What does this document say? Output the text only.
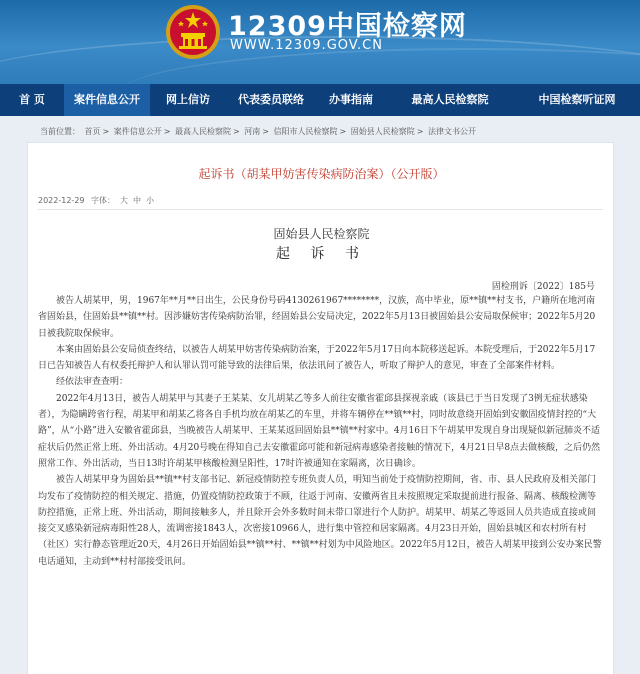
12309中国检察网
WWW.12309.GOV.CN
首 页	案件信息公开	网上信访	代表委员联络	办事指南	最高人民检察院	中国检察听证网
当前位置： 首页 > 案件信息公开 > 最高人民检察院 > 河南 > 信阳市人民检察院 > 固始县人民检察院 > 法律文书公开
起诉书（胡某甲妨害传染病防治案）（公开版）
2022-12-29 字体： 大 中 小
固始县人民检察院
起 诉 书
固检刑诉〔2022〕185号

被告人胡某甲，男，1967年**月**日出生，公民身份号码4130261967********，汉族，高中毕业，原**镇**村支书，户籍所在地河南省固始县，住固始县**镇**村。因涉嫌妨害传染病防治罪，经固始县公安局决定，2022年5月13日被固始县公安局取保候审；2022年5月20日被我院取保候审。

本案由固始县公安局侦查终结，以被告人胡某甲妨害传染病防治案，于2022年5月17日向本院移送起诉。本院受理后，于2022年5月17日已告知被告人有权委托辩护人和认罪认罚可能导致的法律后果，依法讯问了被告人，听取了辩护人的意见，审查了全部案件材料。

经依法审查查明：

2022年4月13日，被告人胡某甲与其妻子王某某、女儿胡某乙等多人前往安徽省霍邱县探视亲戚（该县已于当日发现了3例无症状感染者），为隐瞒跨省行程，胡某甲和胡某乙将各自手机均放在胡某乙的车里，并将车辆停在**镇**村，同时故意绕开固始到安徽固疫情封控的“大路”，从“小路”进入安徽省霍邱县，当晚被告人胡某甲、王某某返回固始县**镇**村家中。4月16日下午胡某甲发现自身出现疑似新冠肺炎不适症状后仍然正常上班、外出活动。4月20号晚在得知自己去安徽霍邱可能和新冠病毒感染者接触的情况下，4月21日早8点去做核酸，之后仍然照常工作、外出活动，当日13时许胡某甲核酸检测呈阳性，17时许被通知在家隔离，次日确诊。

被告人胡某甲身为固始县**镇**村支部书记、新冠疫情防控专班负责人员，明知当前处于疫情防控期间，省、市、县人民政府及相关部门均发布了疫情防控的相关规定、措施，仍置疫情防控政策于不顾，往返于河南、安徽两省且未按照规定采取提前进行报备、隔离、核酸检测等防控措施，正常上班、外出活动，期间接触多人，并且除开会外多数时间未带口罩进行个人防护。胡某甲、胡某乙等返回人员共造成直接或间接交叉感染新冠病毒阳性28人，流调密接1843人，次密接10966人，进行集中管控和居家隔离。4月23日开始，固始县城区和农村所有村（社区）实行静态管理近20天，4月26日开始固始县**镇**村、**镇**村划为中风险地区。2022年5月12日，被告人胡某甲接到公安办案民警电话通知，主动到**村村部接受讯问。
